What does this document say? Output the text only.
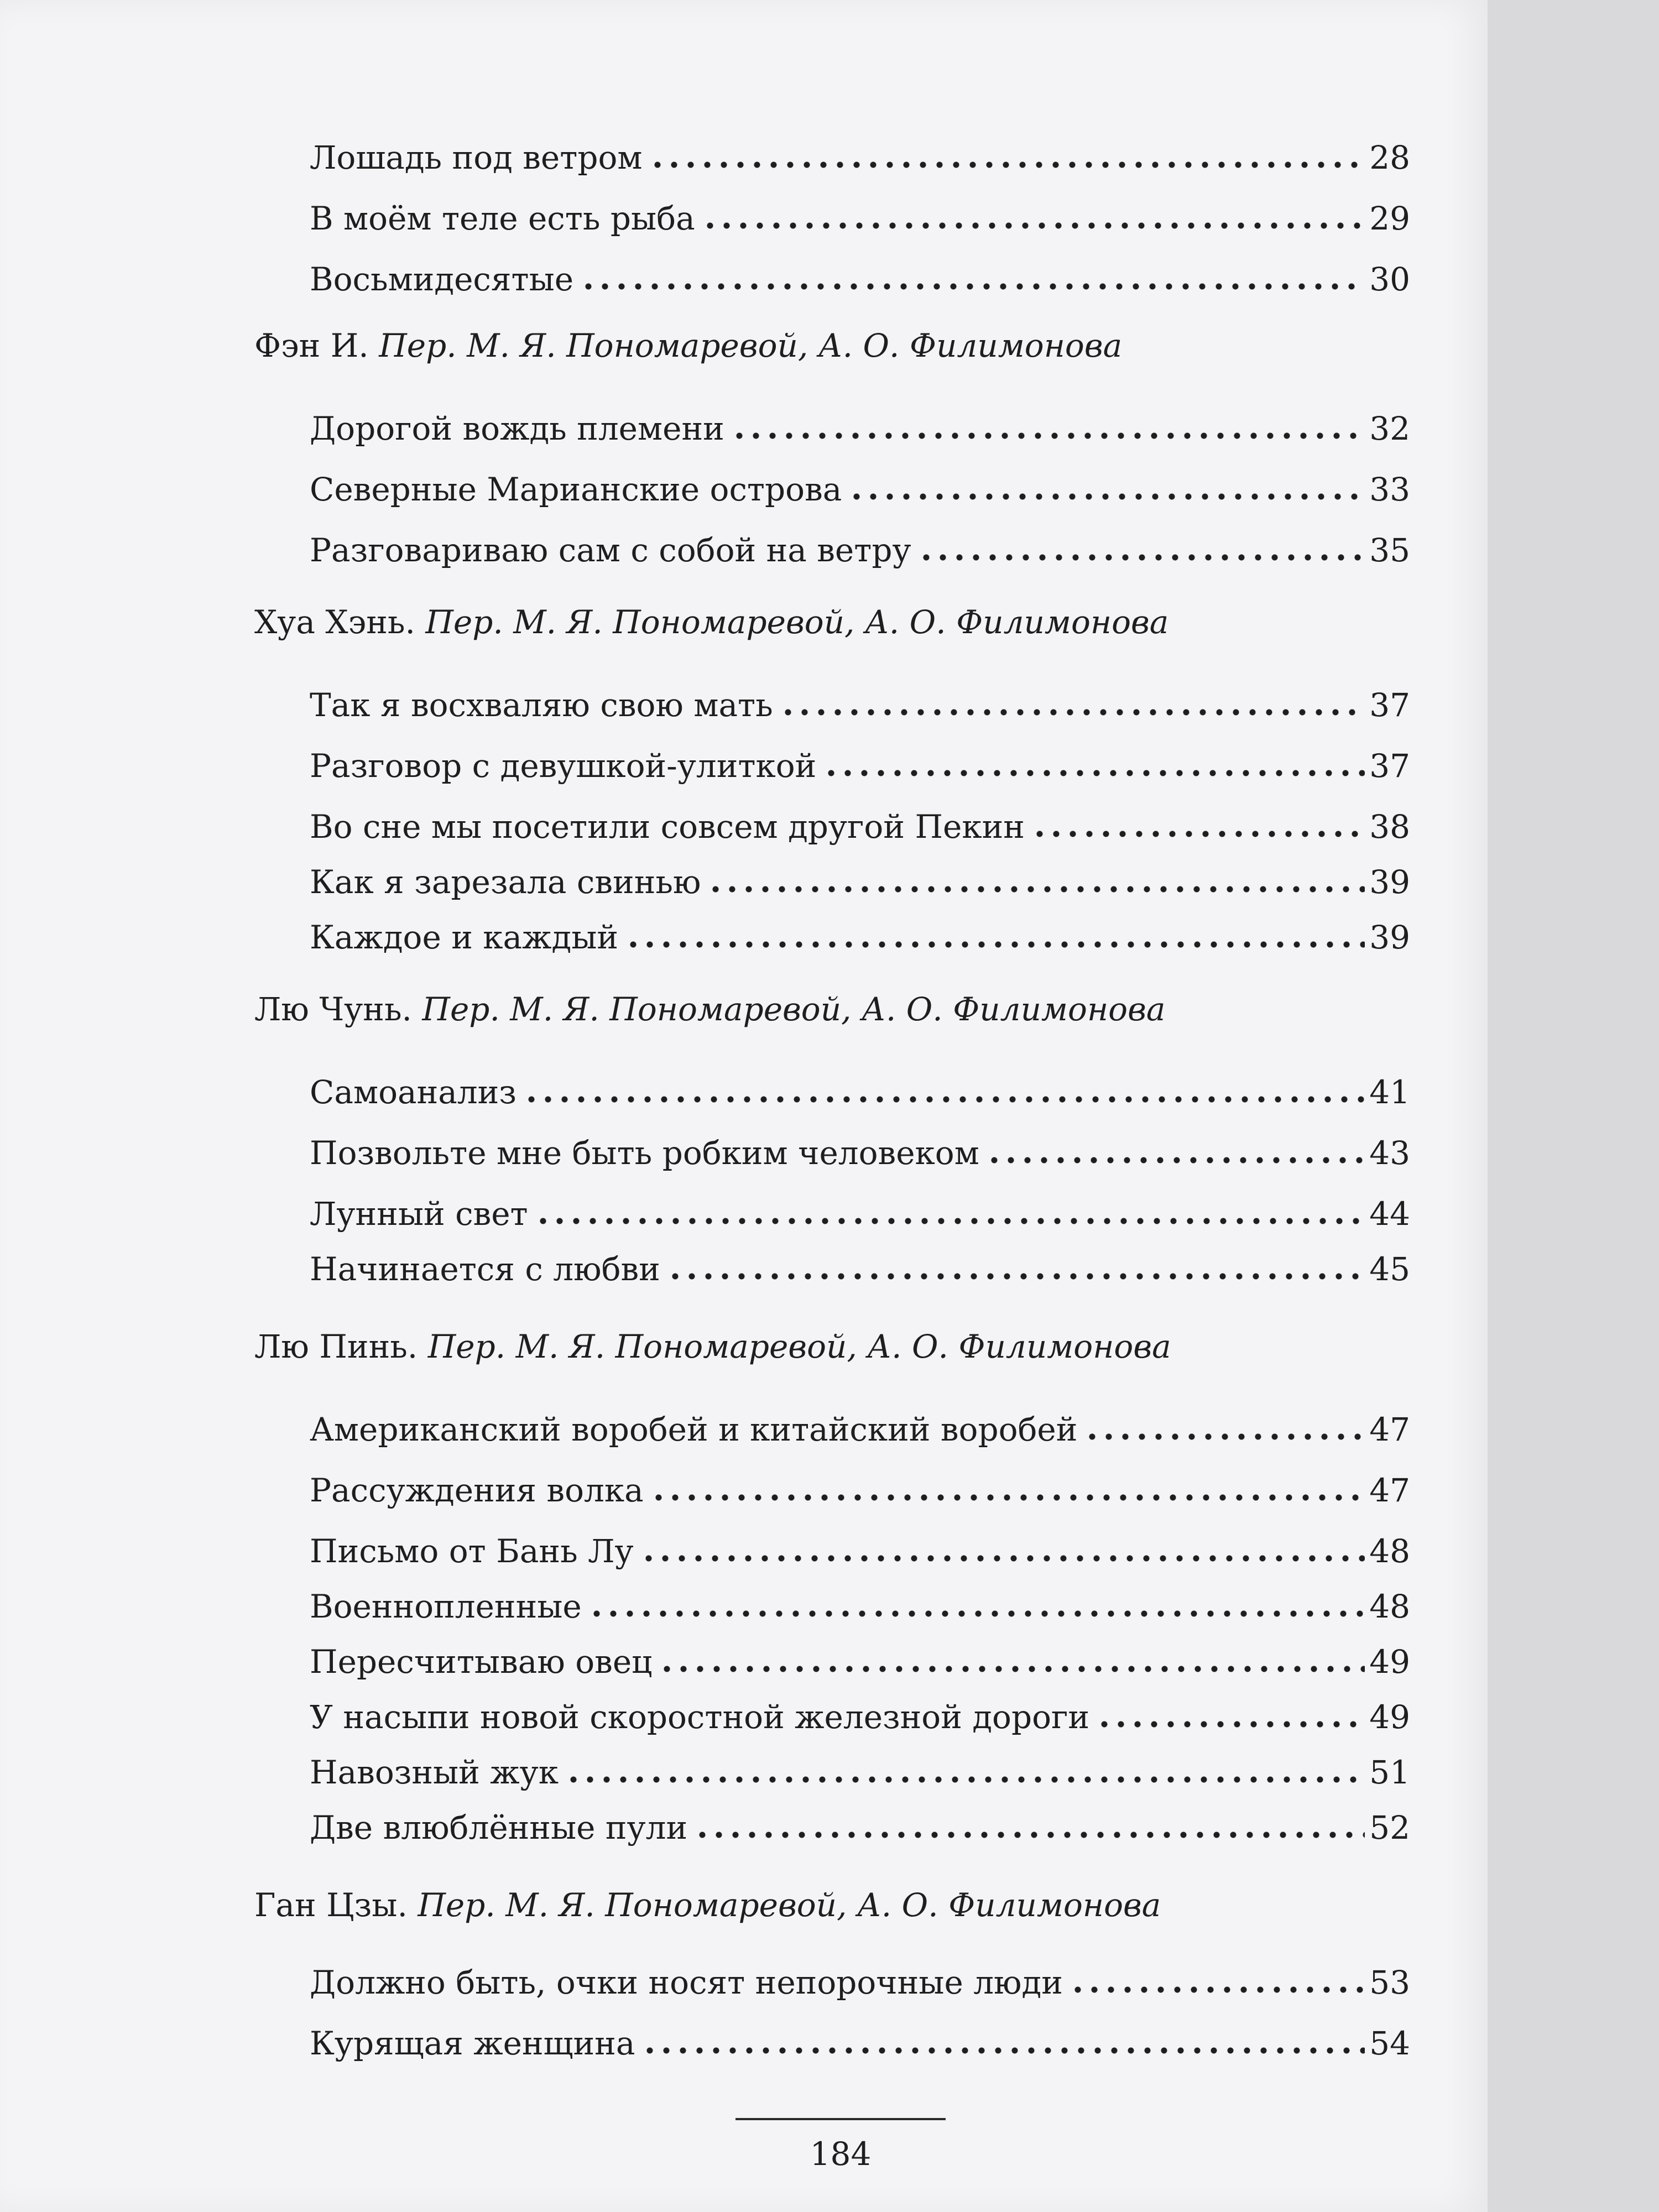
Лошадь под ветром	28
В моём теле есть рыба	29
Восьмидесятые	30
Фэн И. Пер. М. Я. Пономаревой, А. О. Филимонова
Дорогой вождь племени	32
Северные Марианские острова	33
Разговариваю сам с собой на ветру	35
Хуа Хэнь. Пер. М. Я. Пономаревой, А. О. Филимонова
Так я восхваляю свою мать	37
Разговор с девушкой-улиткой	37
Во сне мы посетили совсем другой Пекин	38
Как я зарезала свинью	39
Каждое и каждый	39
Лю Чунь. Пер. М. Я. Пономаревой, А. О. Филимонова
Самоанализ	41
Позвольте мне быть робким человеком	43
Лунный свет	44
Начинается с любви	45
Лю Пинь. Пер. М. Я. Пономаревой, А. О. Филимонова
Американский воробей и китайский воробей	47
Рассуждения волка	47
Письмо от Бань Лу	48
Военнопленные	48
Пересчитываю овец	49
У насыпи новой скоростной железной дороги	49
Навозный жук	51
Две влюблённые пули	52
Ган Цзы. Пер. М. Я. Пономаревой, А. О. Филимонова
Должно быть, очки носят непорочные люди	53
Курящая женщина	54
184
